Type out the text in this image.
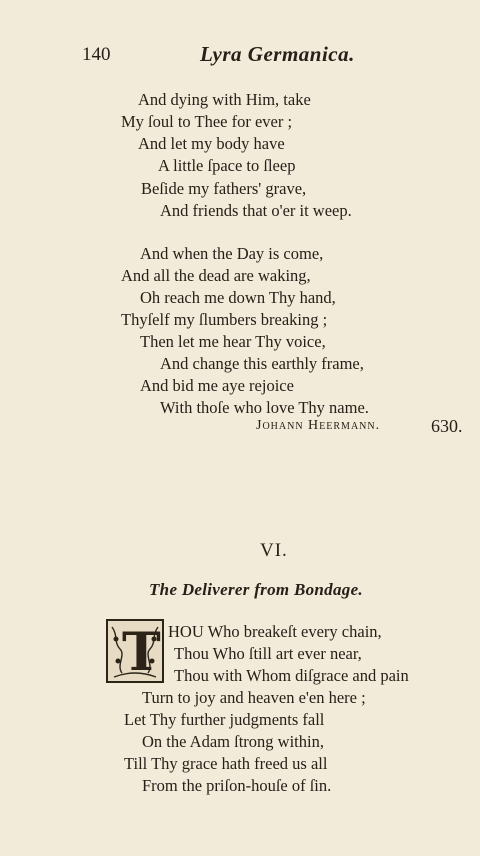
140	Lyra Germanica.
And dying with Him, take
My ſoul to Thee for ever ;
And let my body have
A little ſpace to ſleep
Beſide my fathers' grave,
And friends that o'er it weep.
And when the Day is come,
And all the dead are waking,
Oh reach me down Thy hand,
Thyſelf my ſlumbers breaking ;
Then let me hear Thy voice,
And change this earthly frame,
And bid me aye rejoice
With thoſe who love Thy name.
Johann Heermann.	630.
VI.
The Deliverer from Bondage.
T HOU Who breakeſt every chain,
Thou Who ſtill art ever near,
Thou with Whom diſgrace and pain
Turn to joy and heaven e'en here ;
Let Thy further judgments fall
On the Adam ſtrong within,
Till Thy grace hath freed us all
From the priſon-houſe of ſin.
